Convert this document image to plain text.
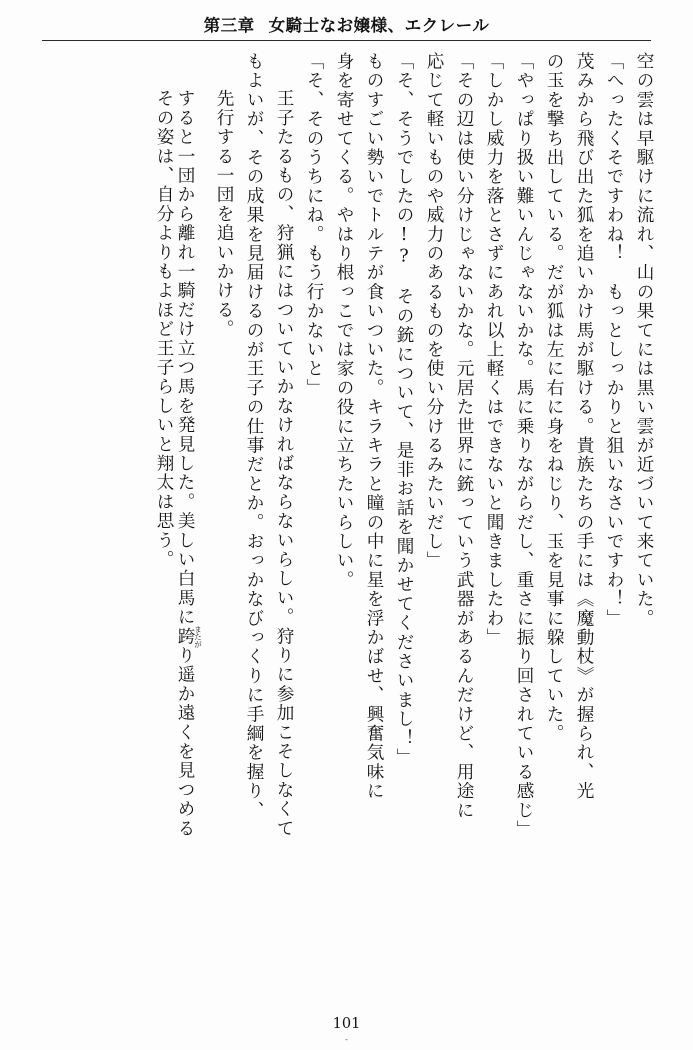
第三章 女騎士なお嬢様、エクレール
空の雲は早駆けに流れ、山の果てには黒い雲が近づいて来ていた。
「へったくそですわね！　もっとしっかりと狙いなさいですわ！」
茂みから飛び出た狐を追いかけ馬が駆ける。貴族たちの手には《魔動杖》が握られ、光
の玉を撃ち出している。だが狐は左に右に身をねじり、玉を見事に躱していた。
「やっぱり扱い難いんじゃないかな。馬に乗りながらだし、重さに振り回されている感じ」
「しかし威力を落とさずにあれ以上軽くはできないと聞きましたわ」
「その辺は使い分けじゃないかな。元居た世界に銃っていう武器があるんだけど、用途に
応じて軽いものや威力のあるものを使い分けるみたいだし」
「そ、そうでしたの!?　その銃について、是非お話を聞かせてくださいまし！」
ものすごい勢いでトルテが食いついた。キラキラと瞳の中に星を浮かばせ、興奮気味に
身を寄せてくる。やはり根っこでは家の役に立ちたいらしい。
「そ、そのうちにね。もう行かないと」
　王子たるもの、狩猟にはついていかなければならないらしい。狩りに参加こそしなくて
もよいが、その成果を見届けるのが王子の仕事だとか。おっかなびっくりに手綱を握り、
　先行する一団を追いかける。
　すると一団から離れ一騎だけ立つ馬を発見した。美しい白馬に跨またがり遥か遠くを見つめる
　その姿は、自分よりもよほど王子らしいと翔太は思う。
101
-
